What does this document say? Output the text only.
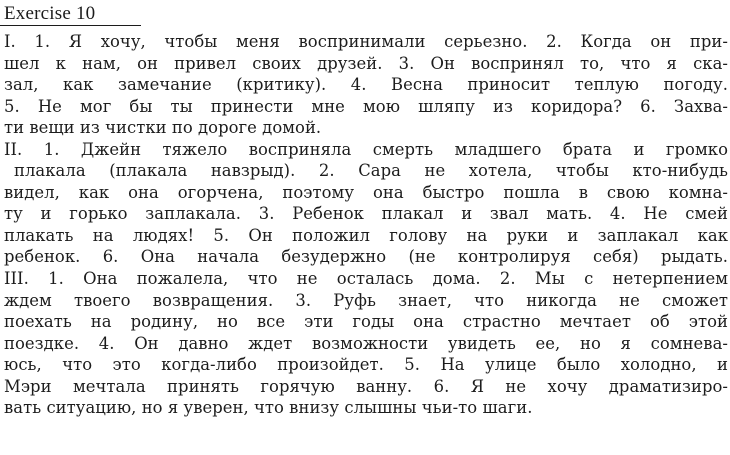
Exercise 10
I. 1. Я хочу, чтобы меня воспринимали серьезно. 2. Когда он при-
шел к нам, он привел своих друзей. 3. Он воспринял то, что я ска-
зал, как замечание (критику). 4. Весна приносит теплую погоду.
5. Не мог бы ты принести мне мою шляпу из коридора? 6. Захва-
ти вещи из чистки по дороге домой.
II. 1. Джейн тяжело восприняла смерть младшего брата и громко
плакала (плакала навзрыд). 2. Сара не хотела, чтобы кто-нибудь
видел, как она огорчена, поэтому она быстро пошла в свою комна-
ту и горько заплакала. 3. Ребенок плакал и звал мать. 4. Не смей
плакать на людях! 5. Он положил голову на руки и заплакал как
ребенок. 6. Она начала безудержно (не контролируя себя) рыдать.
III. 1. Она пожалела, что не осталась дома. 2. Мы с нетерпением
ждем твоего возвращения. 3. Руфь знает, что никогда не сможет
поехать на родину, но все эти годы она страстно мечтает об этой
поездке. 4. Он давно ждет возможности увидеть ее, но я сомнева-
юсь, что это когда-либо произойдет. 5. На улице было холодно, и
Мэри мечтала принять горячую ванну. 6. Я не хочу драматизиро-
вать ситуацию, но я уверен, что внизу слышны чьи-то шаги.
